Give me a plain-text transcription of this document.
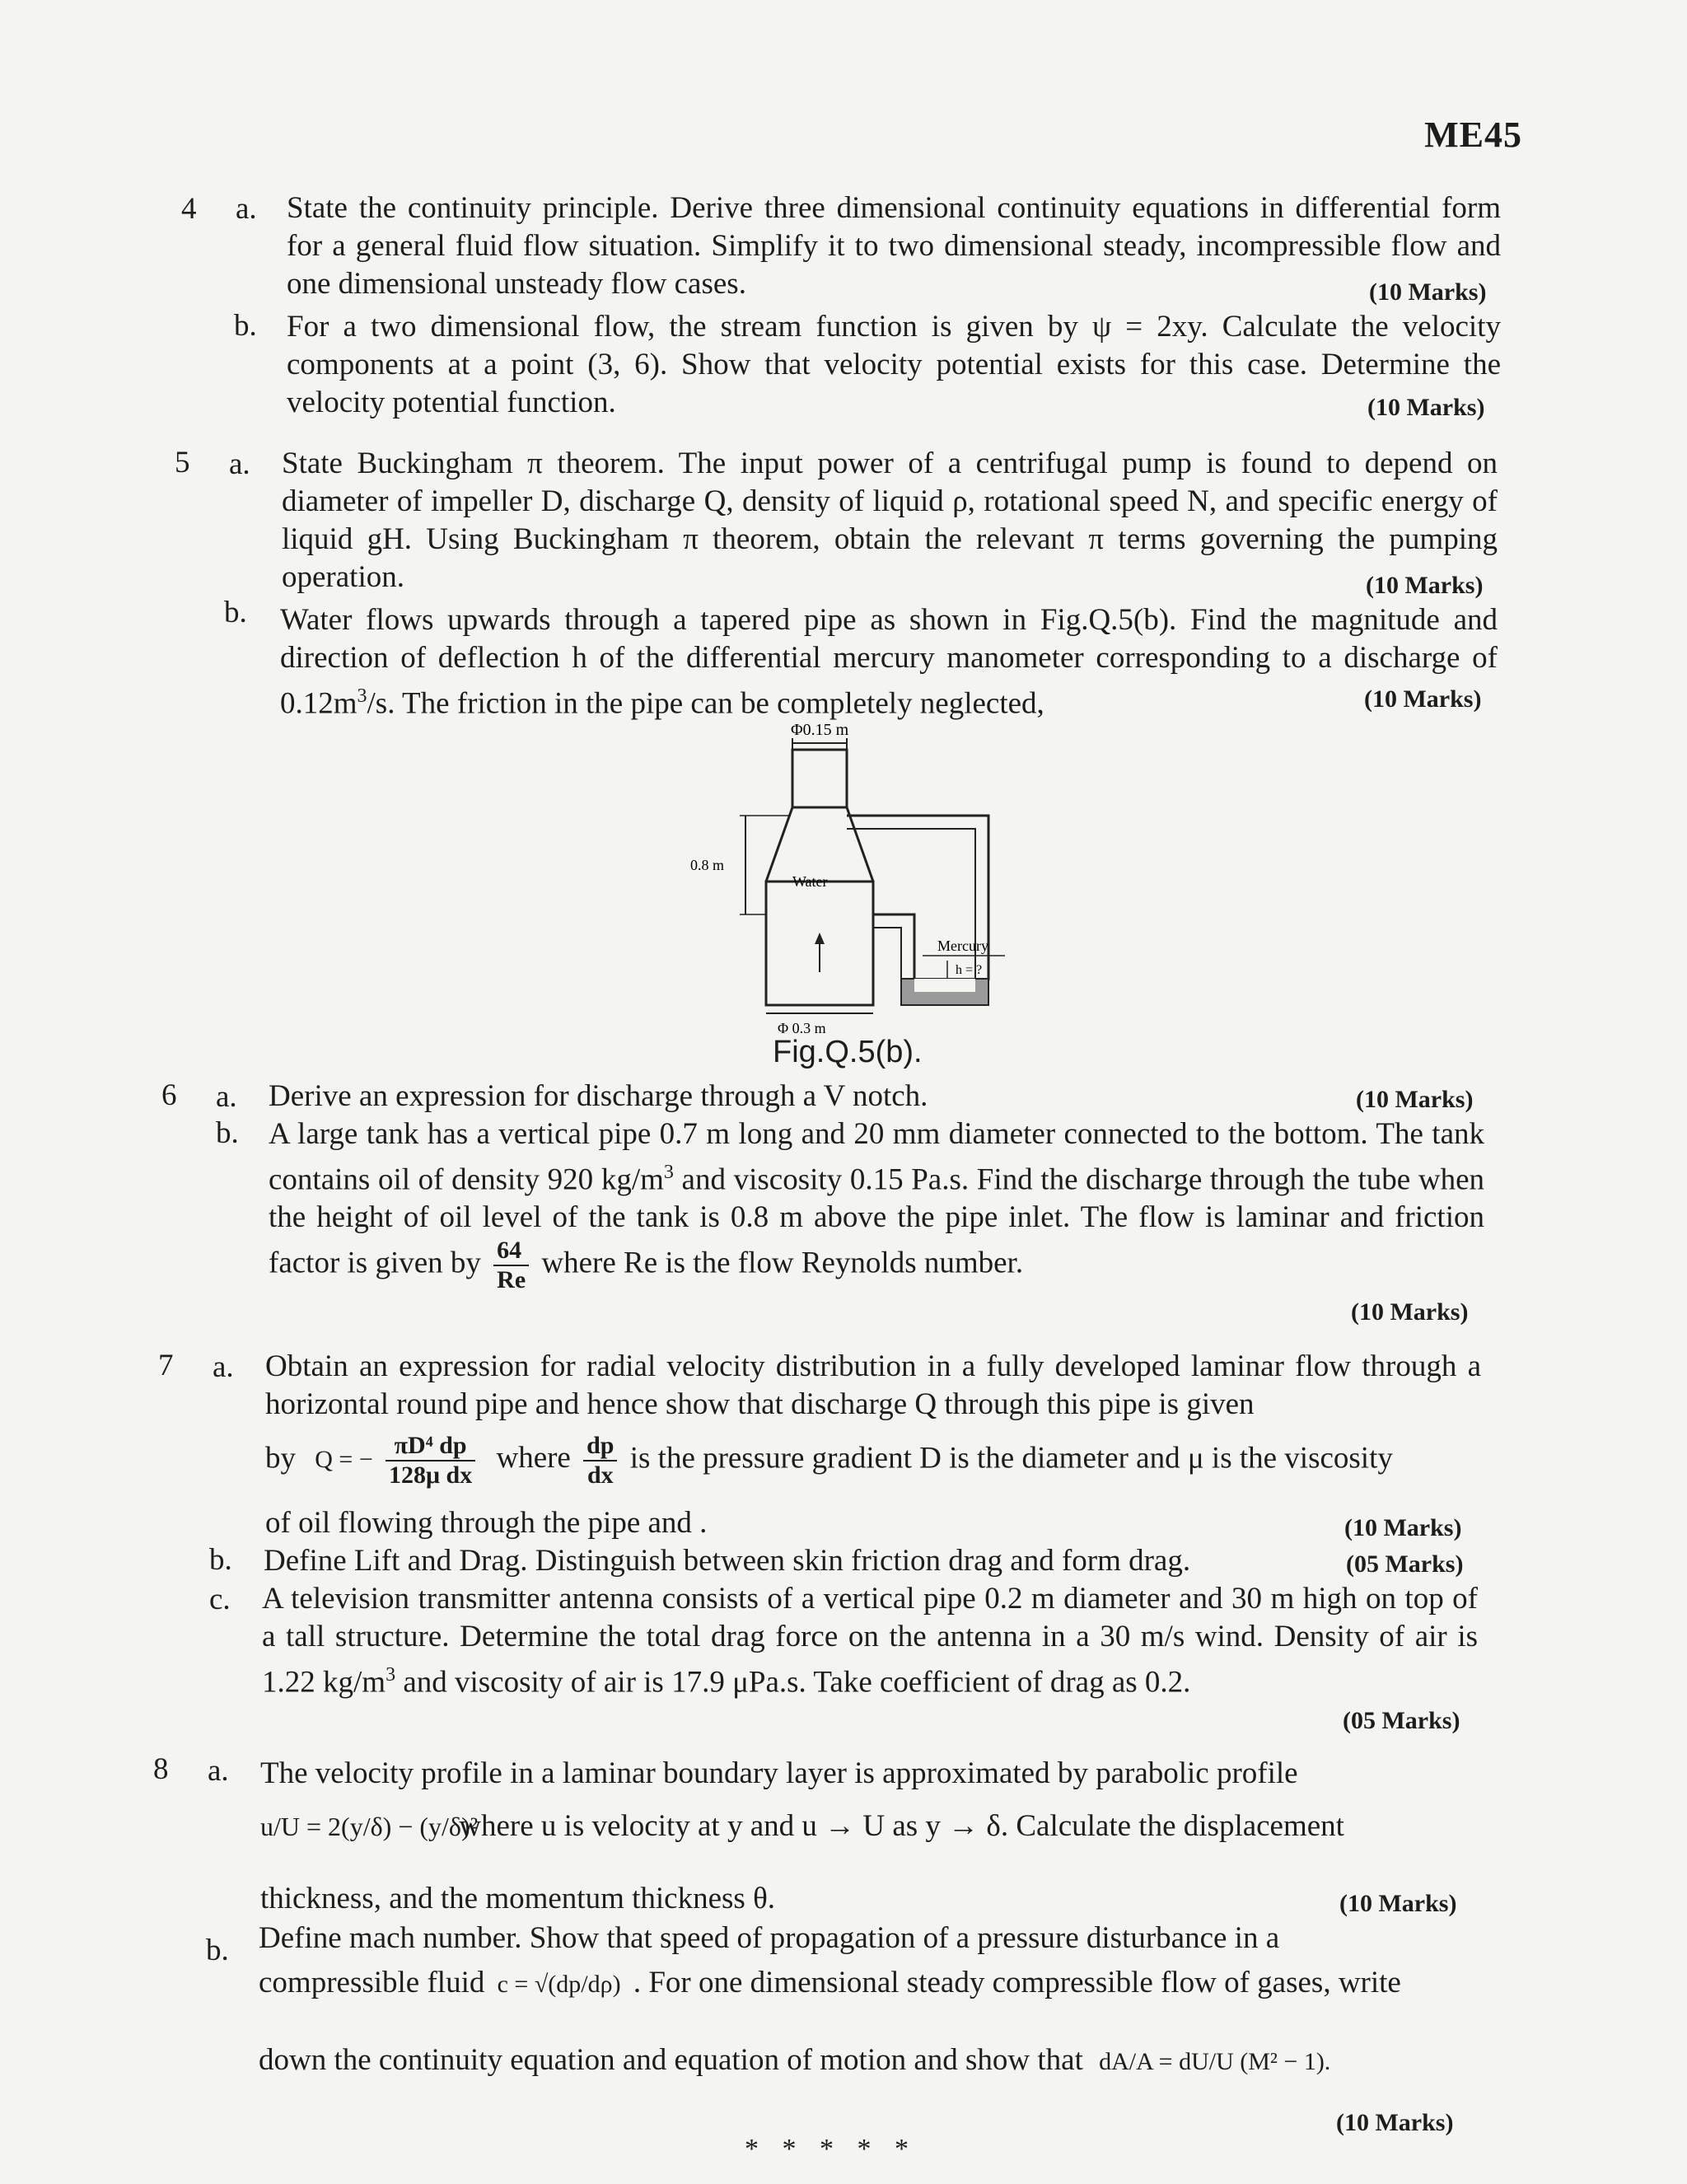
ME45
4 a. State the continuity principle. Derive three dimensional continuity equations in differential form for a general fluid flow situation. Simplify it to two dimensional steady, incompressible flow and one dimensional unsteady flow cases.	(10 Marks)
b. For a two dimensional flow, the stream function is given by ψ = 2xy. Calculate the velocity components at a point (3, 6). Show that velocity potential exists for this case. Determine the velocity potential function.	(10 Marks)
5 a. State Buckingham π theorem. The input power of a centrifugal pump is found to depend on diameter of impeller D, discharge Q, density of liquid ρ, rotational speed N, and specific energy of liquid gH. Using Buckingham π theorem, obtain the relevant π terms governing the pumping operation.	(10 Marks)
b. Water flows upwards through a tapered pipe as shown in Fig.Q.5(b). Find the magnitude and direction of deflection h of the differential mercury manometer corresponding to a discharge of $0.12m^3/s$. The friction in the pipe can be completely neglected,	(10 Marks)
Φ0.15 m
0.8 m
Water
Mercury
h = ?
Φ 0.3 m
Fig.Q.5(b).
6 a. Derive an expression for discharge through a V notch.	(10 Marks)
b. A large tank has a vertical pipe 0.7 m long and 20 mm diameter connected to the bottom. The tank contains oil of density 920 $kg/m^3$ and viscosity 0.15 Pa.s. Find the discharge through the tube when the height of oil level of the tank is 0.8 m above the pipe inlet. The flow is laminar and friction factor is given by $\frac{64}{Re}$ where Re is the flow Reynolds number.
(10 Marks)
7 a. Obtain an expression for radial velocity distribution in a fully developed laminar flow through a horizontal round pipe and hence show that discharge Q through this pipe is given
by Q = − $\frac{\text{πD⁴ dp}}{\text{128μ dx}}$ where $\frac{dp}{dx}$ is the pressure gradient D is the diameter and μ is the viscosity
of oil flowing through the pipe and .	(10 Marks)
b. Define Lift and Drag. Distinguish between skin friction drag and form drag.	(05 Marks)
c. A television transmitter antenna consists of a vertical pipe 0.2 m diameter and 30 m high on top of a tall structure. Determine the total drag force on the antenna in a 30 m/s wind. Density of air is 1.22 $kg/m^3$ and viscosity of air is 17.9 μPa.s. Take coefficient of drag as 0.2.
(05 Marks)
8 a. The velocity profile in a laminar boundary layer is approximated by parabolic profile
u/U = 2(y/δ) − (y/δ)² where u is velocity at y and u → U as y → δ. Calculate the displacement
thickness, and the momentum thickness θ.	(10 Marks)
b. Define mach number. Show that speed of propagation of a pressure disturbance in a
compressible fluid c = √(dp/dρ) . For one dimensional steady compressible flow of gases, write
down the continuity equation and equation of motion and show that dA/A = dU/U (M² − 1).
(10 Marks)
* * * * *
